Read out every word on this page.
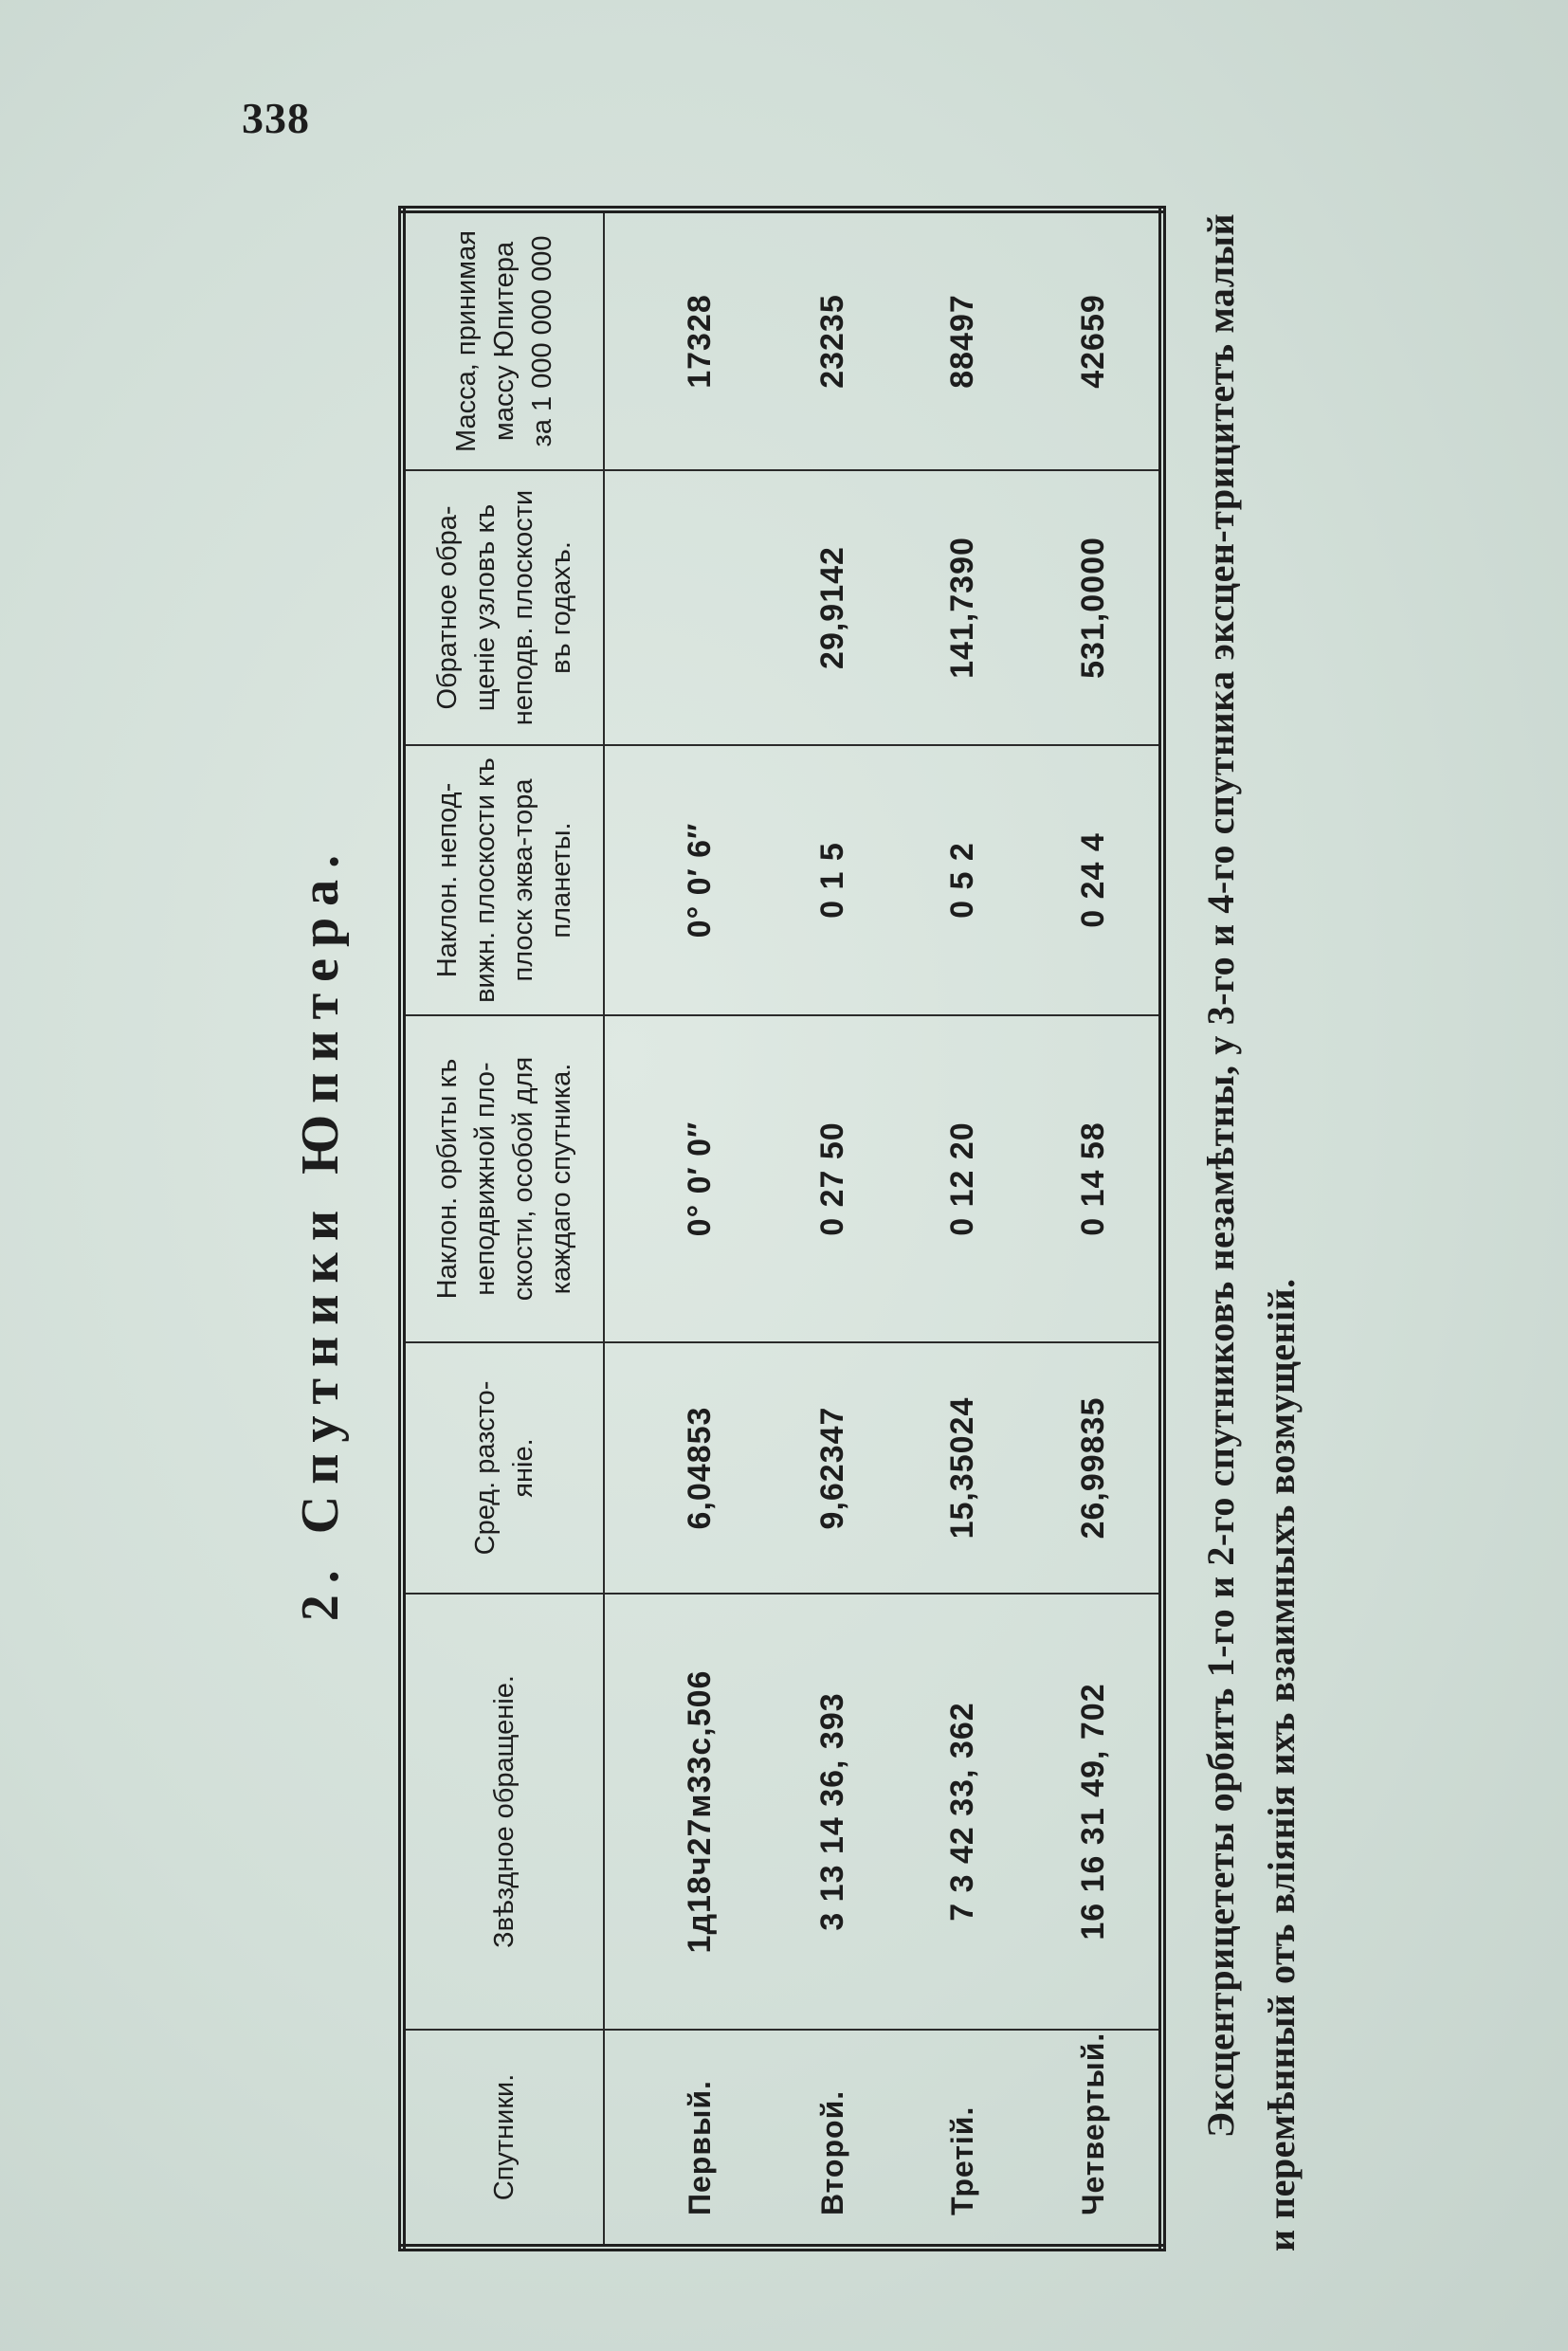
338
2. Спутники Юпитера.
Спутники.	Звѣздное обращеніе.	Сред. разсто-яніе.	Наклон. орбиты къ неподвижной пло-скости, особой для каждаго спутника.	Наклон. непод-вижн. плоскости къ плоск эква-тора планеты.	Обратное обра-щеніе узловъ къ неподв. плоскости въ годахъ.	Масса, принимая массу Юпитера за 1 000 000 000
Первый.	1д18ч27м33с,506	6,04853	0° 0′ 0″	0° 0′ 6″		17328
Второй.	3 13 14 36, 393	9,62347	0 27 50	0 1 5	29,9142	23235
Третій.	7 3 42 33, 362	15,35024	0 12 20	0 5 2	141,7390	88497
Четвертый.	16 16 31 49, 702	26,99835	0 14 58	0 24 4	531,0000	42659 Эксцентрицететы орбитъ 1-го и 2-го спутниковъ незамѣтны, у 3-го и 4-го спутника эксцен-трицитетъ малый и перемѣнный отъ вліянія ихъ взаимныхъ возмущеній.
